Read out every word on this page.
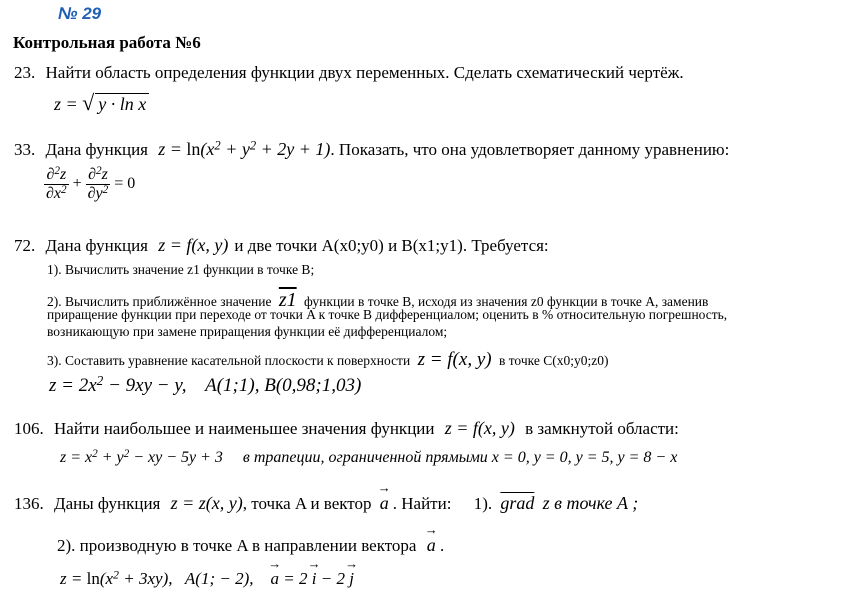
№ 29
Контрольная работа №6
23. Найти область определения функции двух переменных. Сделать схематический чертёж.
z = √ y · ln x
33. Дана функция $z = \ln(x^2 + y^2 + 2y + 1)$. Показать, что она удовлетворяет данному уравнению:
$\frac{\partial^2z}{\partial x^2} + \frac{\partial^2z}{\partial y^2} = 0$
72. Дана функция z = f(x, y) и две точки A(x0;y0) и B(x1;y1). Требуется:
1). Вычислить значение z1 функции в точке B;
2). Вычислить приближённое значение z1 функции в точке B, исходя из значения z0 функции в точке A, заменив
приращение функции при переходе от точки A к точке B дифференциалом; оценить в % относительную погрешность,
возникающую при замене приращения функции её дифференциалом;
3). Составить уравнение касательной плоскости к поверхности z = f(x, y) в точке C(x0;y0;z0)
$z = 2x^2 - 9xy - y$,    A(1;1), B(0,98;1,03)
106. Найти наибольшее и наименьшее значения функции z = f(x, y) в замкнутой области:
$z = x^2 + y^2$ − xy − 5y + 3     в трапеции, ограниченной прямыми x = 0, y = 0, y = 5, y = 8 − x
136. Даны функция z = z(x, y), точка A и вектор → a . Найти: 1). grad z в точке A ;
2). производную в точке A в направлении вектора → a .
$z = \ln(x^2 + 3xy)$,   A(1; − 2), → a = 2 → i − 2 → j
